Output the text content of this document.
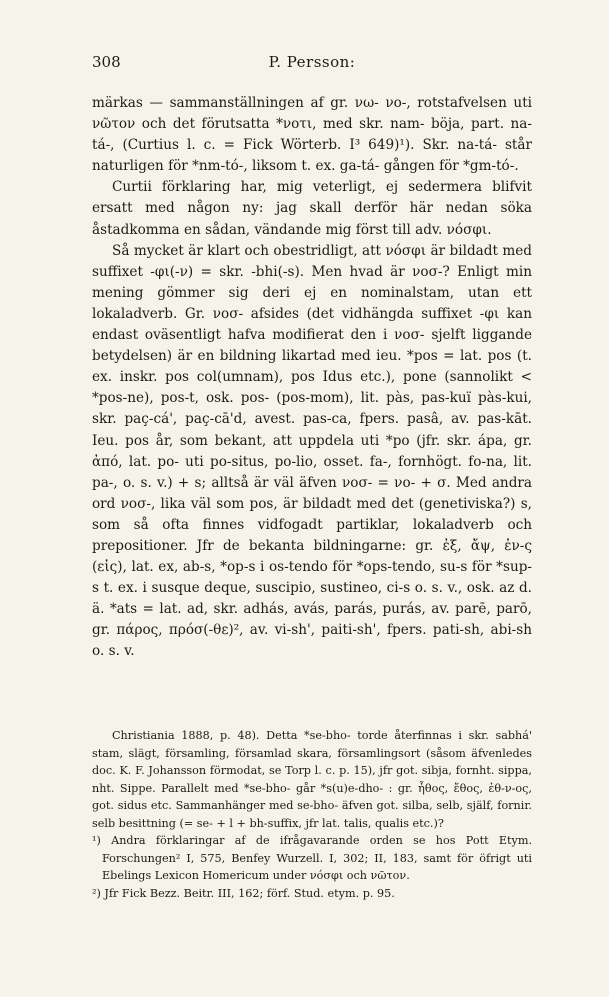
308	P. Persson:

märkas — sammanställningen af gr. νω- νο-, rotstafvelsen uti νῶτον och det förutsatta *νοτι, med skr. nam- böja, part. na-tá-, (Curtius l. c. = Fick Wörterb. I³ 649)¹). Skr. na-tá- står naturligen för *nm-tó-, liksom t. ex. ga-tá- gången för *gm-tó-.

Curtii förklaring har, mig veterligt, ej sedermera blifvit ersatt med någon ny: jag skall derför här nedan söka åstadkomma en sådan, vändande mig först till adv. νόσφι.

Så mycket är klart och obestridligt, att νόσφι är bildadt med suffixet -φι(-ν) = skr. -bhi(-s). Men hvad är νοσ-? Enligt min mening gömmer sig deri ej en nominalstam, utan ett lokaladverb. Gr. νοσ- afsides (det vidhängda suffixet -φι kan endast oväsentligt hafva modifierat den i νοσ- sjelft liggande betydelsen) är en bildning likartad med ieu. *pos = lat. pos (t. ex. inskr. pos col(umnam), pos Idus etc.), pone (sannolikt < *pos-ne), pos-t, osk. pos- (pos-mom), lit. pàs, pas-kuï pàs-kui, skr. paç-cá', paç-cā'd, avest. pas-ca, fpers. pasâ, av. pas-kāt. Ieu. pos år, som bekant, att uppdela uti *po (jfr. skr. ápa, gr. ἀπό, lat. po- uti po-situs, po-lio, osset. fa-, fornhögt. fo-na, lit. pa-, o. s. v.) + s; alltså är väl äfven νοσ- = νο- + σ. Med andra ord νοσ-, lika väl som pos, är bildadt med det (genetiviska?) s, som så ofta finnes vidfogadt partiklar, lokaladverb och prepositioner. Jfr de bekanta bildningarne: gr. ἐξ, ἄψ, ἐν-ς (εἰς), lat. ex, ab-s, *op-s i os-tendo för *ops-tendo, su-s för *sup-s t. ex. i susque deque, suscipio, sustineo, ci-s o. s. v., osk. az d. ä. *ats = lat. ad, skr. adhás, avás, parás, purás, av. parē, parō, gr. πάρος, πρόσ(-θε)², av. vi-sh', paiti-sh', fpers. pati-sh, abi-sh o. s. v.

Christiania 1888, p. 48). Detta *se-bho- torde återfinnas i skr. sabhá' stam, slägt, församling, församlad skara, församlingsort (såsom äfvenledes doc. K. F. Johansson förmodat, se Torp l. c. p. 15), jfr got. sibja, fornht. sippa, nht. Sippe. Parallelt med *se-bho- går *s(u)e-dho- : gr. ἦθος, ἔθος, ἐθ-ν-ος, got. sidus etc. Sammanhänger med se-bho- äfven got. silba, selb, själf, fornir. selb besittning (= se- + l + bh-suffix, jfr lat. talis, qualis etc.)?

¹) Andra förklaringar af de ifrågavarande orden se hos Pott Etym. Forschungen² I, 575, Benfey Wurzell. I, 302; II, 183, samt för öfrigt uti Ebelings Lexicon Homericum under νόσφι och νῶτον.

²) Jfr Fick Bezz. Beitr. III, 162; förf. Stud. etym. p. 95.
